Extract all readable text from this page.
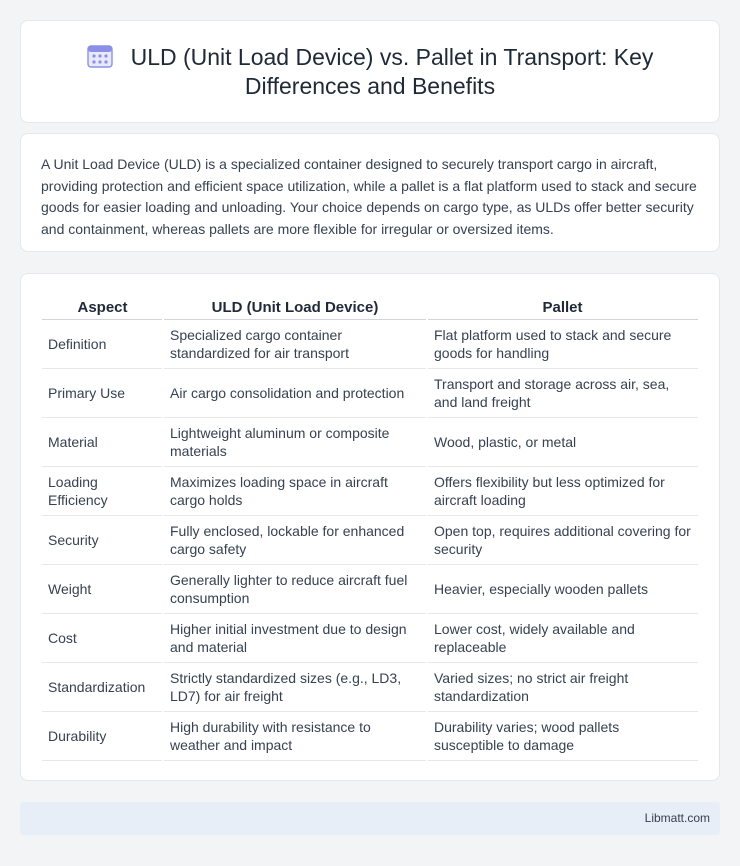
ULD (Unit Load Device) vs. Pallet in Transport: Key Differences and Benefits

A Unit Load Device (ULD) is a specialized container designed to securely transport cargo in aircraft, providing protection and efficient space utilization, while a pallet is a flat platform used to stack and secure goods for easier loading and unloading. Your choice depends on cargo type, as ULDs offer better security and containment, whereas pallets are more flexible for irregular or oversized items.

Aspect	ULD (Unit Load Device)	Pallet
Definition	Specialized cargo container standardized for air transport	Flat platform used to stack and secure goods for handling
Primary Use	Air cargo consolidation and protection	Transport and storage across air, sea, and land freight
Material	Lightweight aluminum or composite materials	Wood, plastic, or metal
Loading Efficiency	Maximizes loading space in aircraft cargo holds	Offers flexibility but less optimized for aircraft loading
Security	Fully enclosed, lockable for enhanced cargo safety	Open top, requires additional covering for security
Weight	Generally lighter to reduce aircraft fuel consumption	Heavier, especially wooden pallets
Cost	Higher initial investment due to design and material	Lower cost, widely available and replaceable
Standardization	Strictly standardized sizes (e.g., LD3, LD7) for air freight	Varied sizes; no strict air freight standardization
Durability	High durability with resistance to weather and impact	Durability varies; wood pallets susceptible to damage
Libmatt.com
